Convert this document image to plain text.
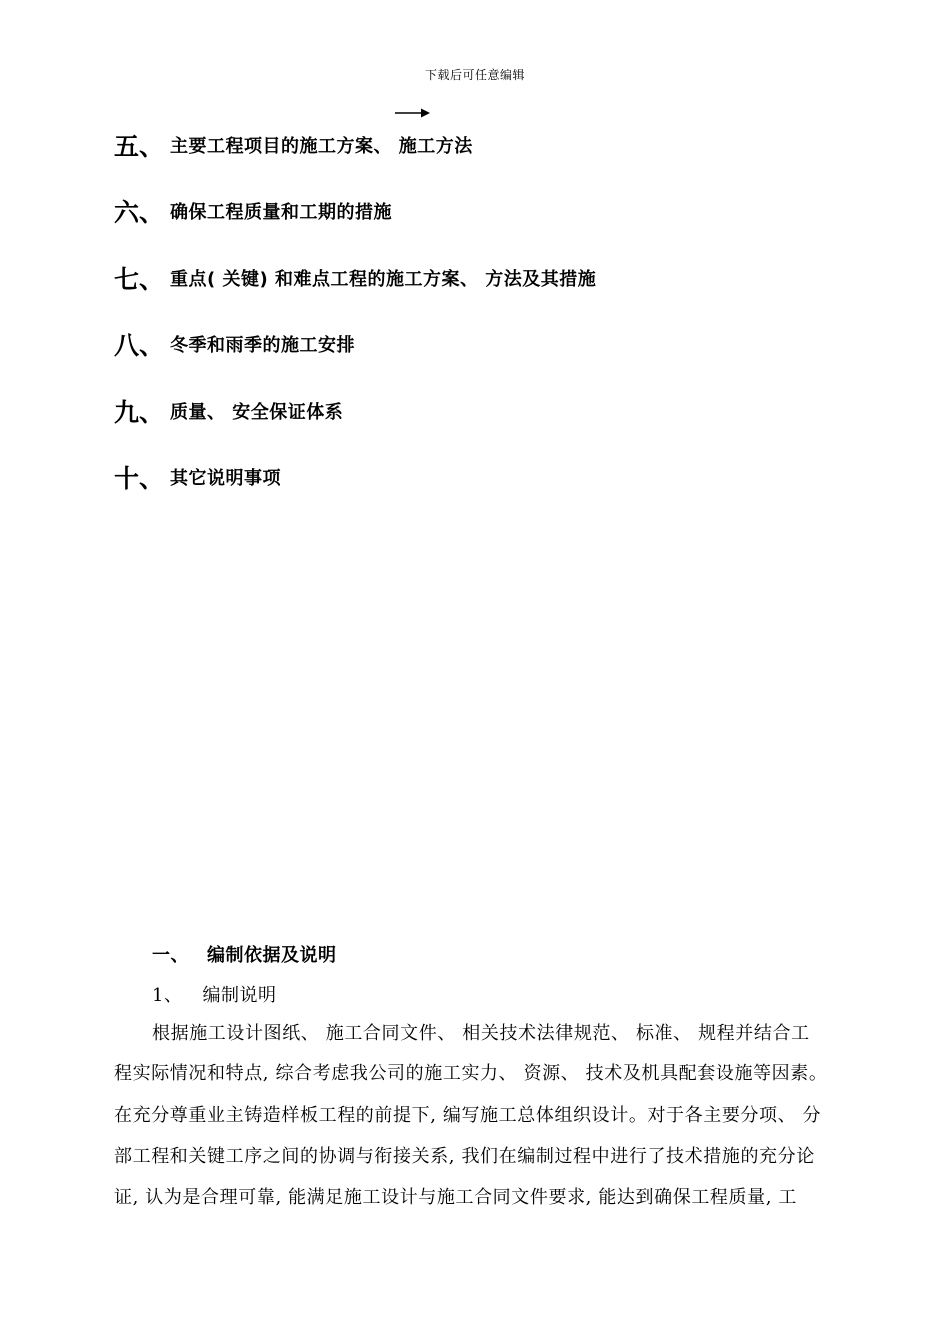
下载后可任意编辑
五、 主要工程项目的施工方案、 施工方法
六、 确保工程质量和工期的措施
七、 重点( 关键) 和难点工程的施工方案、 方法及其措施
八、 冬季和雨季的施工安排
九、 质量、 安全保证体系
十、 其它说明事项
一、 编制依据及说明
1、 编制说明
根据施工设计图纸、 施工合同文件、 相关技术法律规范、 标准、 规程并结合工
程实际情况和特点, 综合考虑我公司的施工实力、 资源、 技术及机具配套设施等因素。
在充分尊重业主铸造样板工程的前提下, 编写施工总体组织设计。对于各主要分项、 分
部工程和关键工序之间的协调与衔接关系, 我们在编制过程中进行了技术措施的充分论
证, 认为是合理可靠, 能满足施工设计与施工合同文件要求, 能达到确保工程质量, 工
